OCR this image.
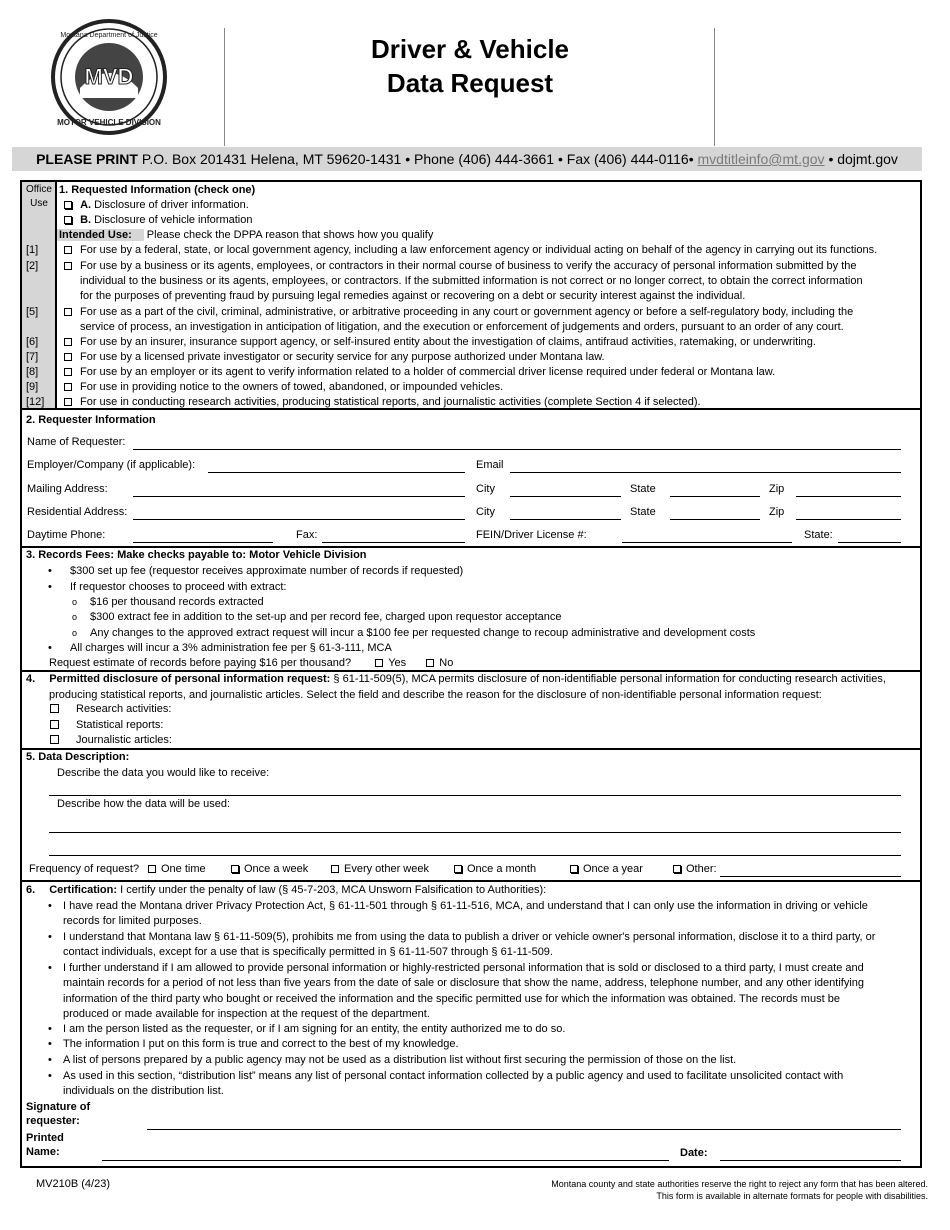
MVD
Montana Department of Justice
MOTOR VEHICLE DIVISION
Driver & Vehicle
Data Request
PLEASE PRINT P.O. Box 201431 Helena, MT 59620-1431 • Phone (406) 444-3661 • Fax (406) 444-0116• mvdtitleinfo@mt.gov • dojmt.gov
Office
Use
1. Requested Information (check one)
A. Disclosure of driver information.
B. Disclosure of vehicle information
Intended Use: Please check the DPPA reason that shows how you qualify
[1]	For use by a federal, state, or local government agency, including a law enforcement agency or individual acting on behalf of the agency in carrying out its functions.
[2]	For use by a business or its agents, employees, or contractors in their normal course of business to verify the accuracy of personal information submitted by the
individual to the business or its agents, employees, or contractors. If the submitted information is not correct or no longer correct, to obtain the correct information
for the purposes of preventing fraud by pursuing legal remedies against or recovering on a debt or security interest against the individual.
[5]	For use as a part of the civil, criminal, administrative, or arbitrative proceeding in any court or government agency or before a self-regulatory body, including the
service of process, an investigation in anticipation of litigation, and the execution or enforcement of judgements and orders, pursuant to an order of any court.
[6]	For use by an insurer, insurance support agency, or self-insured entity about the investigation of claims, antifraud activities, ratemaking, or underwriting.
[7]	For use by a licensed private investigator or security service for any purpose authorized under Montana law.
[8]	For use by an employer or its agent to verify information related to a holder of commercial driver license required under federal or Montana law.
[9]	For use in providing notice to the owners of towed, abandoned, or impounded vehicles.
[12]	For use in conducting research activities, producing statistical reports, and journalistic activities (complete Section 4 if selected).
2. Requester Information
Name of Requester:
Employer/Company (if applicable):	Email
Mailing Address:	City	State	Zip
Residential Address:	City	State	Zip
Daytime Phone:	Fax:	FEIN/Driver License #:	State:
3. Records Fees: Make checks payable to: Motor Vehicle Division
• $300 set up fee (requestor receives approximate number of records if requested)
• If requestor chooses to proceed with extract:
o $16 per thousand records extracted
o $300 extract fee in addition to the set-up and per record fee, charged upon requestor acceptance
o Any changes to the approved extract request will incur a $100 fee per requested change to recoup administrative and development costs
• All charges will incur a 3% administration fee per § 61-3-111, MCA
Request estimate of records before paying $16 per thousand?	Yes	No
4. Permitted disclosure of personal information request: § 61-11-509(5), MCA permits disclosure of non-identifiable personal information for conducting research activities,
producing statistical reports, and journalistic articles. Select the field and describe the reason for the disclosure of non-identifiable personal information request:
Research activities:
Statistical reports:
Journalistic articles:
5. Data Description:
Describe the data you would like to receive:
Describe how the data will be used:
Frequency of request?	One time	Once a week	Every other week	Once a month	Once a year	Other:
6. Certification: I certify under the penalty of law (§ 45-7-203, MCA Unsworn Falsification to Authorities):
• I have read the Montana driver Privacy Protection Act, § 61-11-501 through § 61-11-516, MCA, and understand that I can only use the information in driving or vehicle
records for limited purposes.
• I understand that Montana law § 61-11-509(5), prohibits me from using the data to publish a driver or vehicle owner's personal information, disclose it to a third party, or
contact individuals, except for a use that is specifically permitted in § 61-11-507 through § 61-11-509.
• I further understand if I am allowed to provide personal information or highly-restricted personal information that is sold or disclosed to a third party, I must create and
maintain records for a period of not less than five years from the date of sale or disclosure that show the name, address, telephone number, and any other identifying
information of the third party who bought or received the information and the specific permitted use for which the information was obtained. The records must be
produced or made available for inspection at the request of the department.
• I am the person listed as the requester, or if I am signing for an entity, the entity authorized me to do so.
• The information I put on this form is true and correct to the best of my knowledge.
• A list of persons prepared by a public agency may not be used as a distribution list without first securing the permission of those on the list.
• As used in this section, “distribution list” means any list of personal contact information collected by a public agency and used to facilitate unsolicited contact with
individuals on the distribution list.
Signature of
requester:
Printed
Name:	Date:
MV210B (4/23)	Montana county and state authorities reserve the right to reject any form that has been altered.
This form is available in alternate formats for people with disabilities.
